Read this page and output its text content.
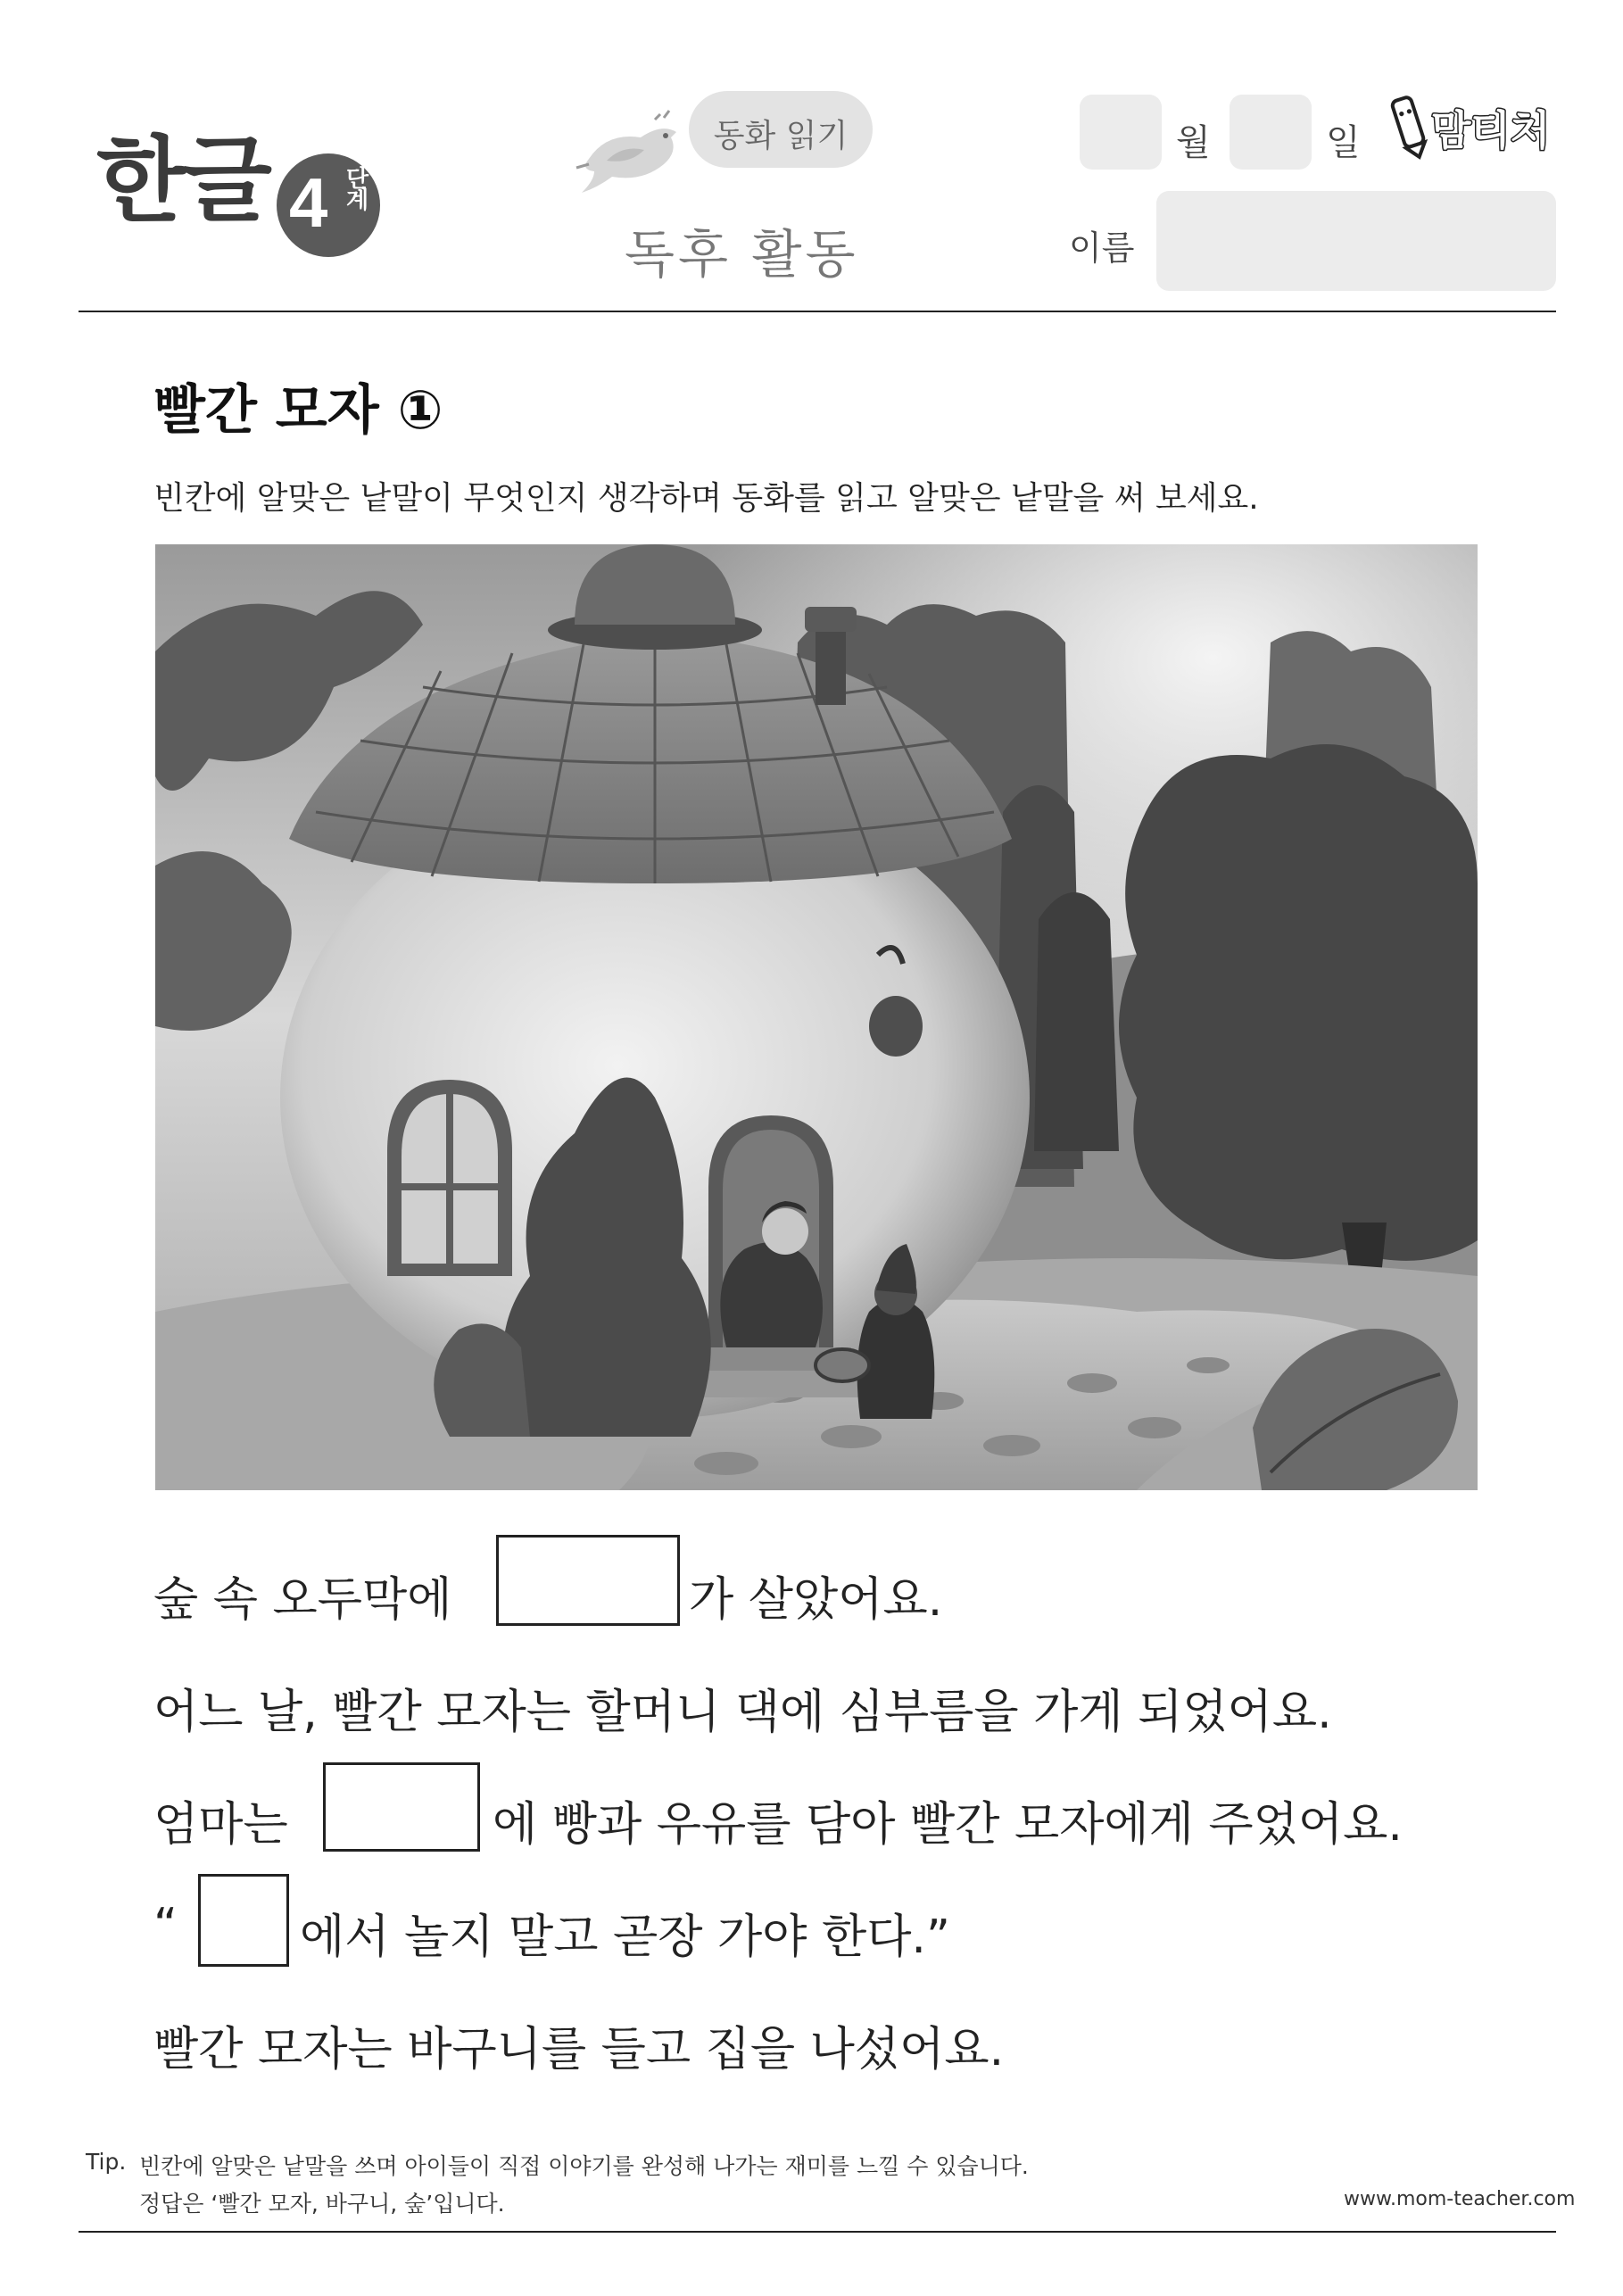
한글 4 단계
동화 읽기
독후 활동
월	일 맘티처
이름
빨간 모자 ①
빈칸에 알맞은 낱말이 무엇인지 생각하며 동화를 읽고 알맞은 낱말을 써 보세요.
숲 속 오두막에	가 살았어요.
어느 날, 빨간 모자는 할머니 댁에 심부름을 가게 되었어요.
엄마는	에 빵과 우유를 담아 빨간 모자에게 주었어요.
“	에서 놀지 말고 곧장 가야 한다.”
빨간 모자는 바구니를 들고 집을 나섰어요.
Tip. 빈칸에 알맞은 낱말을 쓰며 아이들이 직접 이야기를 완성해 나가는 재미를 느낄 수 있습니다.
정답은 ‘빨간 모자, 바구니, 숲’입니다.	www.mom-teacher.com
